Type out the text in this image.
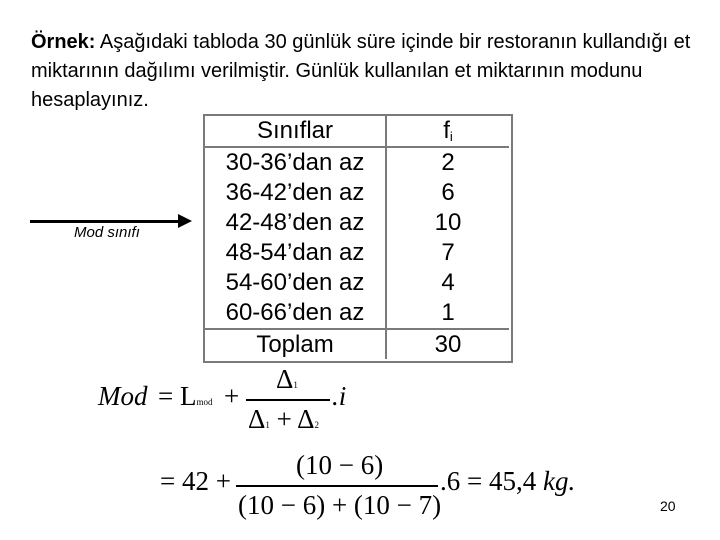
Örnek: Aşağıdaki tabloda 30 günlük süre içinde bir restoranın kullandığı et miktarının dağılımı verilmiştir. Günlük kullanılan et miktarının modunu hesaplayınız.
Sınıflar	fi
30-36’dan az	2
36-42’den az	6
42-48’den az	10
48-54’dan az	7
54-60’den az	4
60-66’den az	1
Toplam	30
Mod sınıfı
Mod = Lmod +
Δ1
Δ1 + Δ2
.i
= 42 +
(10 − 6)
(10 − 6) + (10 − 7)
.6 = 45,4 kg.
20
